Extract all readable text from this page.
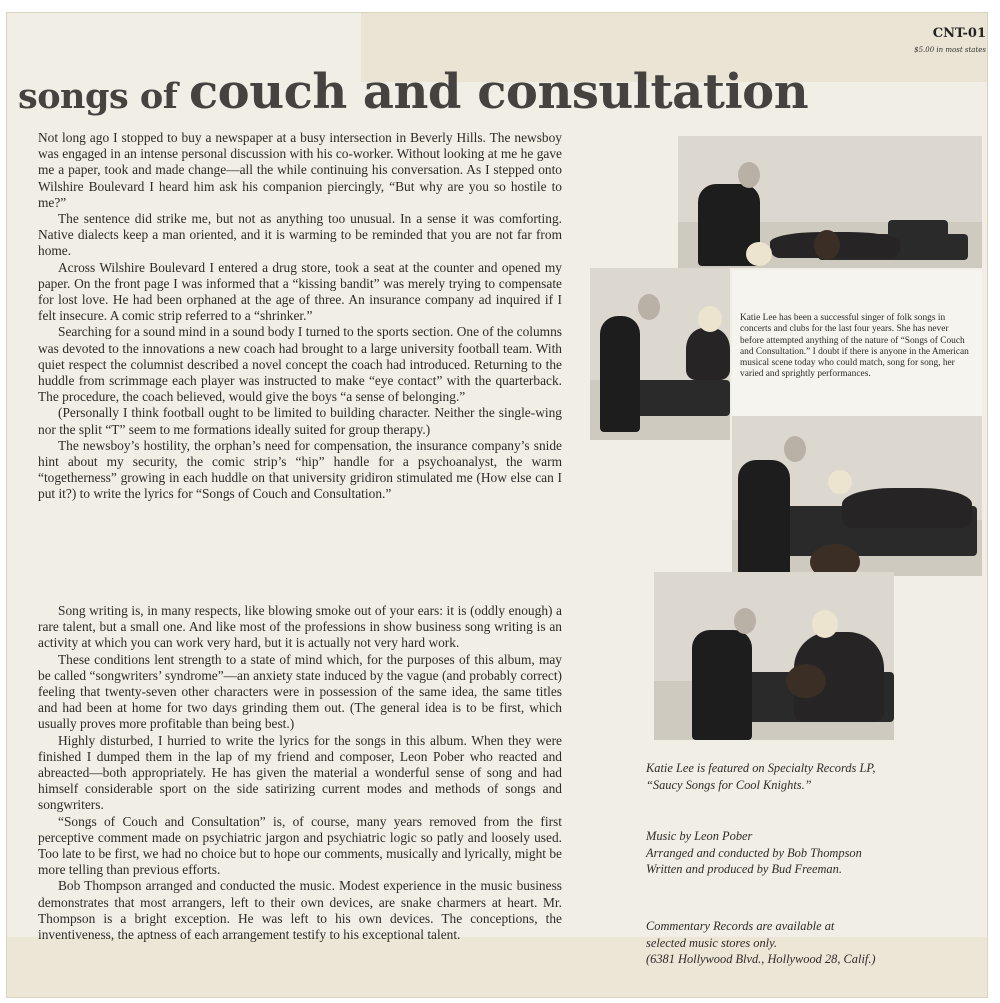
CNT-01
$5.00 in most states
songs of couch and consultation

Not long ago I stopped to buy a newspaper at a busy intersection in Beverly Hills. The newsboy was engaged in an intense personal discussion with his co-worker. Without looking at me he gave me a paper, took and made change—all the while continuing his conversation. As I stepped onto Wilshire Boulevard I heard him ask his companion piercingly, “But why are you so hostile to me?”

The sentence did strike me, but not as anything too unusual. In a sense it was comforting. Native dialects keep a man oriented, and it is warming to be reminded that you are not far from home.

Across Wilshire Boulevard I entered a drug store, took a seat at the counter and opened my paper. On the front page I was informed that a “kissing bandit” was merely trying to compensate for lost love. He had been orphaned at the age of three. An insurance company ad inquired if I felt insecure. A comic strip referred to a “shrinker.”

Searching for a sound mind in a sound body I turned to the sports section. One of the columns was devoted to the innovations a new coach had brought to a large university football team. With quiet respect the columnist described a novel concept the coach had introduced. Returning to the huddle from scrimmage each player was instructed to make “eye contact” with the quarterback. The procedure, the coach believed, would give the boys “a sense of belonging.”

(Personally I think football ought to be limited to building character. Neither the single-wing nor the split “T” seem to me formations ideally suited for group therapy.)

The newsboy’s hostility, the orphan’s need for compensation, the insurance company’s snide hint about my security, the comic strip’s “hip” handle for a psychoanalyst, the warm “togetherness” growing in each huddle on that university gridiron stimulated me (How else can I put it?) to write the lyrics for “Songs of Couch and Consultation.”

Song writing is, in many respects, like blowing smoke out of your ears: it is (oddly enough) a rare talent, but a small one. And like most of the professions in show business song writing is an activity at which you can work very hard, but it is actually not very hard work.

These conditions lent strength to a state of mind which, for the purposes of this album, may be called “songwriters’ syndrome”—an anxiety state induced by the vague (and probably correct) feeling that twenty-seven other characters were in possession of the same idea, the same titles and had been at home for two days grinding them out. (The general idea is to be first, which usually proves more profitable than being best.)

Highly disturbed, I hurried to write the lyrics for the songs in this album. When they were finished I dumped them in the lap of my friend and composer, Leon Pober who reacted and abreacted—both appropriately. He has given the material a wonderful sense of song and had himself considerable sport on the side satirizing current modes and methods of songs and songwriters.

“Songs of Couch and Consultation” is, of course, many years removed from the first perceptive comment made on psychiatric jargon and psychiatric logic so patly and loosely used. Too late to be first, we had no choice but to hope our comments, musically and lyrically, might be more telling than previous efforts.

Bob Thompson arranged and conducted the music. Modest experience in the music business demonstrates that most arrangers, left to their own devices, are snake charmers at heart. Mr. Thompson is a bright exception. He was left to his own devices. The conceptions, the inventiveness, the aptness of each arrangement testify to his exceptional talent.

Katie Lee has been a successful singer of folk songs in concerts and clubs for the last four years. She has never before attempted anything of the nature of “Songs of Couch and Consultation.” I doubt if there is anyone in the American musical scene today who could match, song for song, her varied and sprightly performances.
Katie Lee is featured on Specialty Records LP,
“Saucy Songs for Cool Knights.”
Music by Leon Pober
Arranged and conducted by Bob Thompson
Written and produced by Bud Freeman.
Commentary Records are available at
selected music stores only.
(6381 Hollywood Blvd., Hollywood 28, Calif.)
